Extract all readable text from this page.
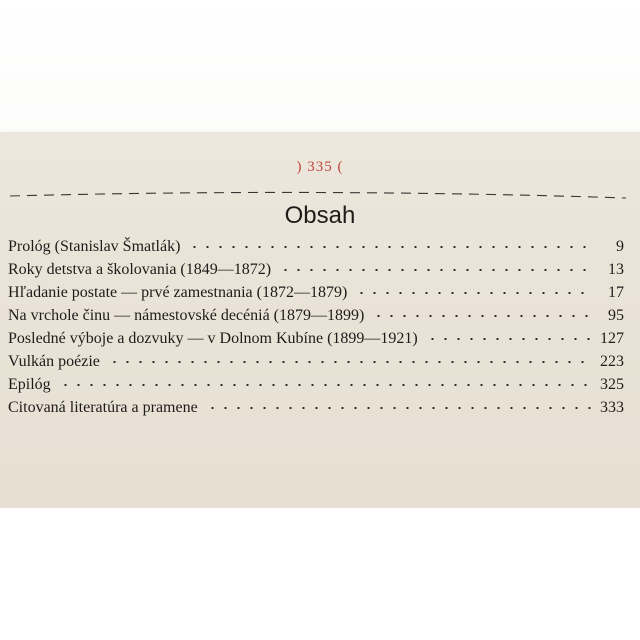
) 335 (
Obsah
Prológ (Stanislav Šmatlák)	9
Roky detstva a školovania (1849—1872)	13
Hľadanie postate — prvé zamestnania (1872—1879)	17
Na vrchole činu — námestovské decéniá (1879—1899)	95
Posledné výboje a dozvuky — v Dolnom Kubíne (1899—1921)	127
Vulkán poézie	223
Epilóg	325
Citovaná literatúra a pramene	333
